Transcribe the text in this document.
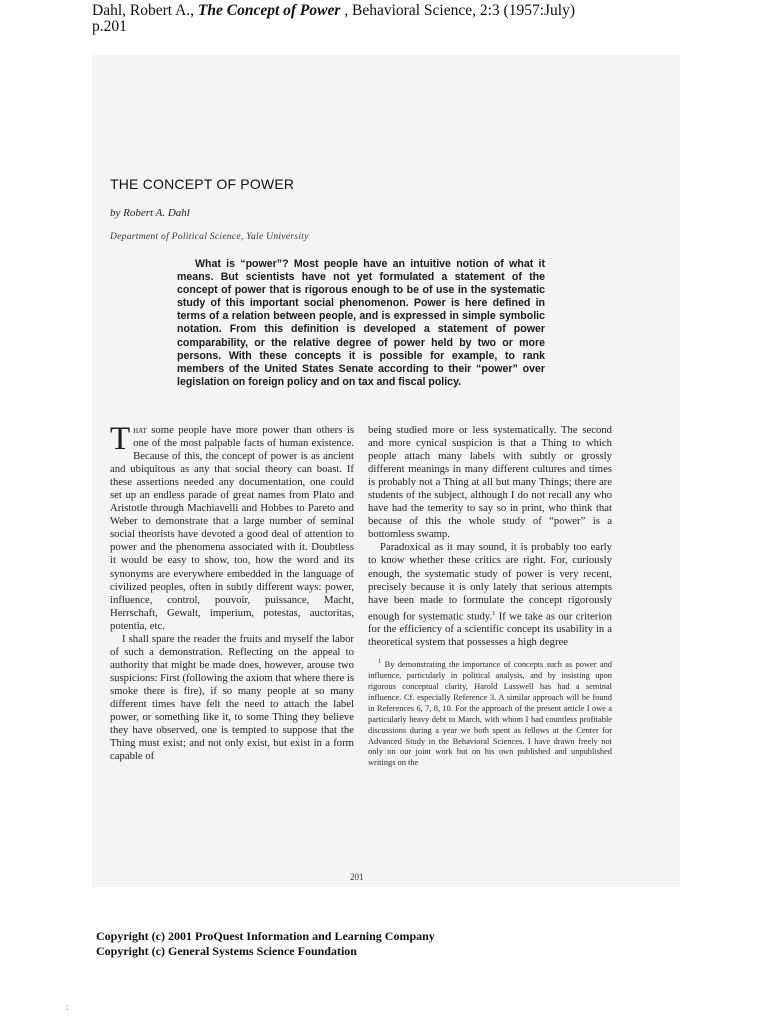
Dahl, Robert A., The Concept of Power , Behavioral Science, 2:3 (1957:July)
p.201
THE CONCEPT OF POWER
by Robert A. Dahl
Department of Political Science, Yale University

What is “power”? Most people have an intuitive notion of what it means. But scientists have not yet formulated a statement of the concept of power that is rigorous enough to be of use in the systematic study of this important social phenomenon. Power is here defined in terms of a relation between people, and is expressed in simple symbolic notation. From this definition is developed a statement of power comparability, or the relative degree of power held by two or more persons. With these concepts it is possible for example, to rank members of the United States Senate according to their “power” over legislation on foreign policy and on tax and fiscal policy.

That some people have more power than others is one of the most palpable facts of human existence. Because of this, the concept of power is as ancient and ubiquitous as any that social theory can boast. If these assertions needed any documentation, one could set up an endless parade of great names from Plato and Aristotle through Machiavelli and Hobbes to Pareto and Weber to demonstrate that a large number of seminal social theorists have devoted a good deal of attention to power and the phenomena associated with it. Doubtless it would be easy to show, too, how the word and its synonyms are everywhere embedded in the language of civilized peoples, often in subtly different ways: power, influence, control, pouvoir, puissance, Macht, Herrschaft, Gewalt, imperium, potestas, auctoritas, potentia, etc.

I shall spare the reader the fruits and myself the labor of such a demonstration. Reflecting on the appeal to authority that might be made does, however, arouse two suspicions: First (following the axiom that where there is smoke there is fire), if so many people at so many different times have felt the need to attach the label power, or something like it, to some Thing they believe they have observed, one is tempted to suppose that the Thing must exist; and not only exist, but exist in a form capable of

being studied more or less systematically. The second and more cynical suspicion is that a Thing to which people attach many labels with subtly or grossly different meanings in many different cultures and times is probably not a Thing at all but many Things; there are students of the subject, although I do not recall any who have had the temerity to say so in print, who think that because of this the whole study of “power” is a bottomless swamp.

Paradoxical as it may sound, it is probably too early to know whether these critics are right. For, curiously enough, the systematic study of power is very recent, precisely because it is only lately that serious attempts have been made to formulate the concept rigorously enough for systematic study.$^1$ If we take as our criterion for the efficiency of a scientific concept its usability in a theoretical system that possesses a high degree

$^1$ By demonstrating the importance of concepts such as power and influence, particularly in political analysis, and by insisting upon rigorous conceptual clarity, Harold Lasswell has had a seminal influence. Cf. especially Reference 3. A similar approach will be found in References 6, 7, 8, 10. For the approach of the present article I owe a particularly heavy debt to March, with whom I had countless profitable discussions during a year we both spent as fellows at the Center for Advanced Study in the Behavioral Sciences. I have drawn freely not only on our joint work but on his own published and unpublished writings on the

201
Copyright (c) 2001 ProQuest Information and Learning Company
Copyright (c) General Systems Science Foundation
:
